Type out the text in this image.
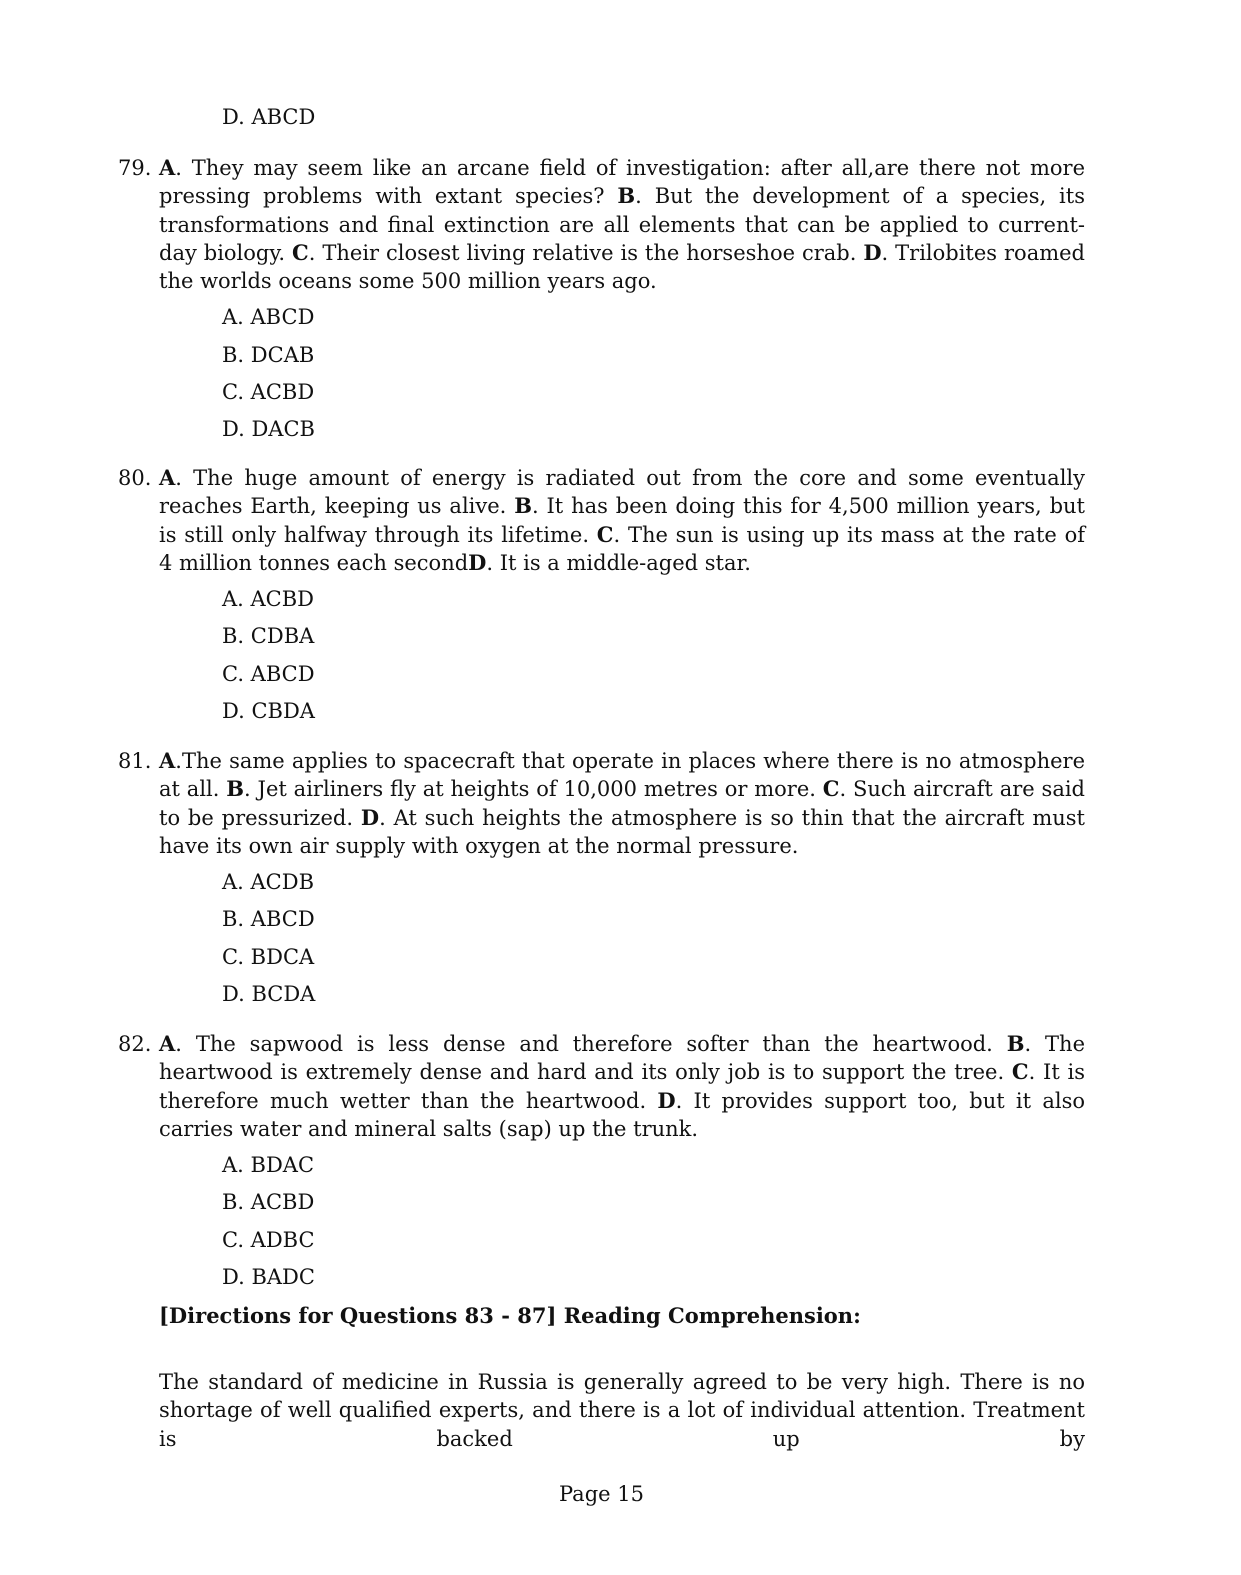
D. ABCD
79. A. They may seem like an arcane field of investigation: after all,are there not more pressing problems with extant species? B. But the development of a species, its transformations and final extinction are all elements that can be applied to current-day biology. C. Their closest living relative is the horseshoe crab. D. Trilobites roamed the worlds oceans some 500 million years ago.
A. ABCD
B. DCAB
C. ACBD
D. DACB
80. A. The huge amount of energy is radiated out from the core and some eventually reaches Earth, keeping us alive. B. It has been doing this for 4,500 million years, but is still only halfway through its lifetime. C. The sun is using up its mass at the rate of 4 million tonnes each secondD. It is a middle-aged star.
A. ACBD
B. CDBA
C. ABCD
D. CBDA
81. A.The same applies to spacecraft that operate in places where there is no atmosphere at all. B. Jet airliners fly at heights of 10,000 metres or more. C. Such aircraft are said to be pressurized. D. At such heights the atmosphere is so thin that the aircraft must have its own air supply with oxygen at the normal pressure.
A. ACDB
B. ABCD
C. BDCA
D. BCDA
82. A. The sapwood is less dense and therefore softer than the heartwood. B. The heartwood is extremely dense and hard and its only job is to support the tree. C. It is therefore much wetter than the heartwood. D. It provides support too, but it also carries water and mineral salts (sap) up the trunk.
A. BDAC
B. ACBD
C. ADBC
D. BADC
[Directions for Questions 83 - 87] Reading Comprehension:
The standard of medicine in Russia is generally agreed to be very high. There is no shortage of well qualified experts, and there is a lot of individual attention. Treatment is backed up by
Page 15
